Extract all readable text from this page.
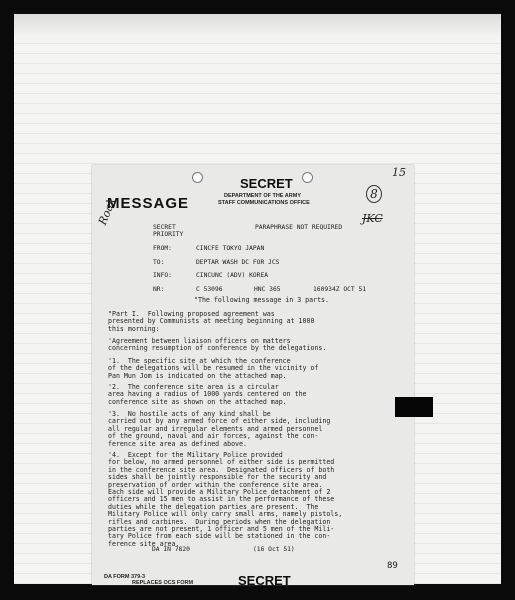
SECRET
MESSAGE	DEPARTMENT OF THE ARMY
STAFF COMMUNICATIONS OFFICE
SECRET
PRIORITY
PARAPHRASE NOT REQUIRED
FROM:	CINCFE TOKYO JAPAN
TO:	DEPTAR WASH DC FOR JCS
INFO:	CINCUNC (ADV) KOREA
NR:	C 53096	HNC 365	160934Z OCT 51
"The following message in 3 parts.
"Part I.  Following proposed agreement was
presented by Communists at meeting beginning at 1000
this morning:
'Agreement between liaison officers on matters
concerning resumption of conference by the delegations.
'1.  The specific site at which the conference
of the delegations will be resumed in the vicinity of
Pan Mun Jom is indicated on the attached map.
'2.  The conference site area is a circular
area having a radius of 1000 yards centered on the
conference site as shown on the attached map.
'3.  No hostile acts of any kind shall be
carried out by any armed force of either side, including
all regular and irregular elements and armed personnel
of the ground, naval and air forces, against the con-
ference site area as defined above.
'4.  Except for the Military Police provided
for below, no armed personnel of either side is permitted
in the conference site area.  Designated officers of both
sides shall be jointly responsible for the security and
preservation of order within the conference site area.
Each side will provide a Military Police detachment of 2
officers and 15 men to assist in the performance of these
duties while the delegation parties are present.  The
Military Police will only carry small arms, namely pistols,
rifles and carbines.  During periods when the delegation
parties are not present, 1 officer and 5 men of the Mili-
tary Police from each side will be stationed in the con-
ference site area.
DA IN 7820	(16 Oct 51)
89
DA FORM 379-3
REPLACES OCS FORM	SECRET
15
8
JKC
Roak
